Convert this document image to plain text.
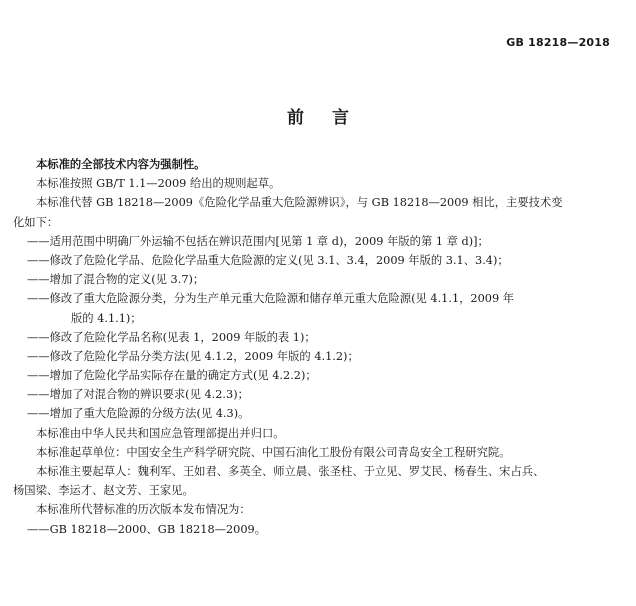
GB 18218—2018
前言
本标准的全部技术内容为强制性。
本标准按照 GB/T 1.1—2009 给出的规则起草。
本标准代替 GB 18218—2009《危险化学品重大危险源辨识》，与 GB 18218—2009 相比，主要技术变
化如下：
——适用范围中明确厂外运输不包括在辨识范围内[见第 1 章 d)，2009 年版的第 1 章 d)]；
——修改了危险化学品、危险化学品重大危险源的定义(见 3.1、3.4，2009 年版的 3.1、3.4)；
——增加了混合物的定义(见 3.7)；
——修改了重大危险源分类，分为生产单元重大危险源和储存单元重大危险源(见 4.1.1，2009 年
版的 4.1.1)；
——修改了危险化学品名称(见表 1，2009 年版的表 1)；
——修改了危险化学品分类方法(见 4.1.2，2009 年版的 4.1.2)；
——增加了危险化学品实际存在量的确定方式(见 4.2.2)；
——增加了对混合物的辨识要求(见 4.2.3)；
——增加了重大危险源的分级方法(见 4.3)。
本标准由中华人民共和国应急管理部提出并归口。
本标准起草单位：中国安全生产科学研究院、中国石油化工股份有限公司青岛安全工程研究院。
本标准主要起草人：魏利军、王如君、多英全、师立晨、张圣柱、于立见、罗艾民、杨春生、宋占兵、
杨国梁、李运才、赵文芳、王家见。
本标准所代替标准的历次版本发布情况为：
——GB 18218—2000、GB 18218—2009。
